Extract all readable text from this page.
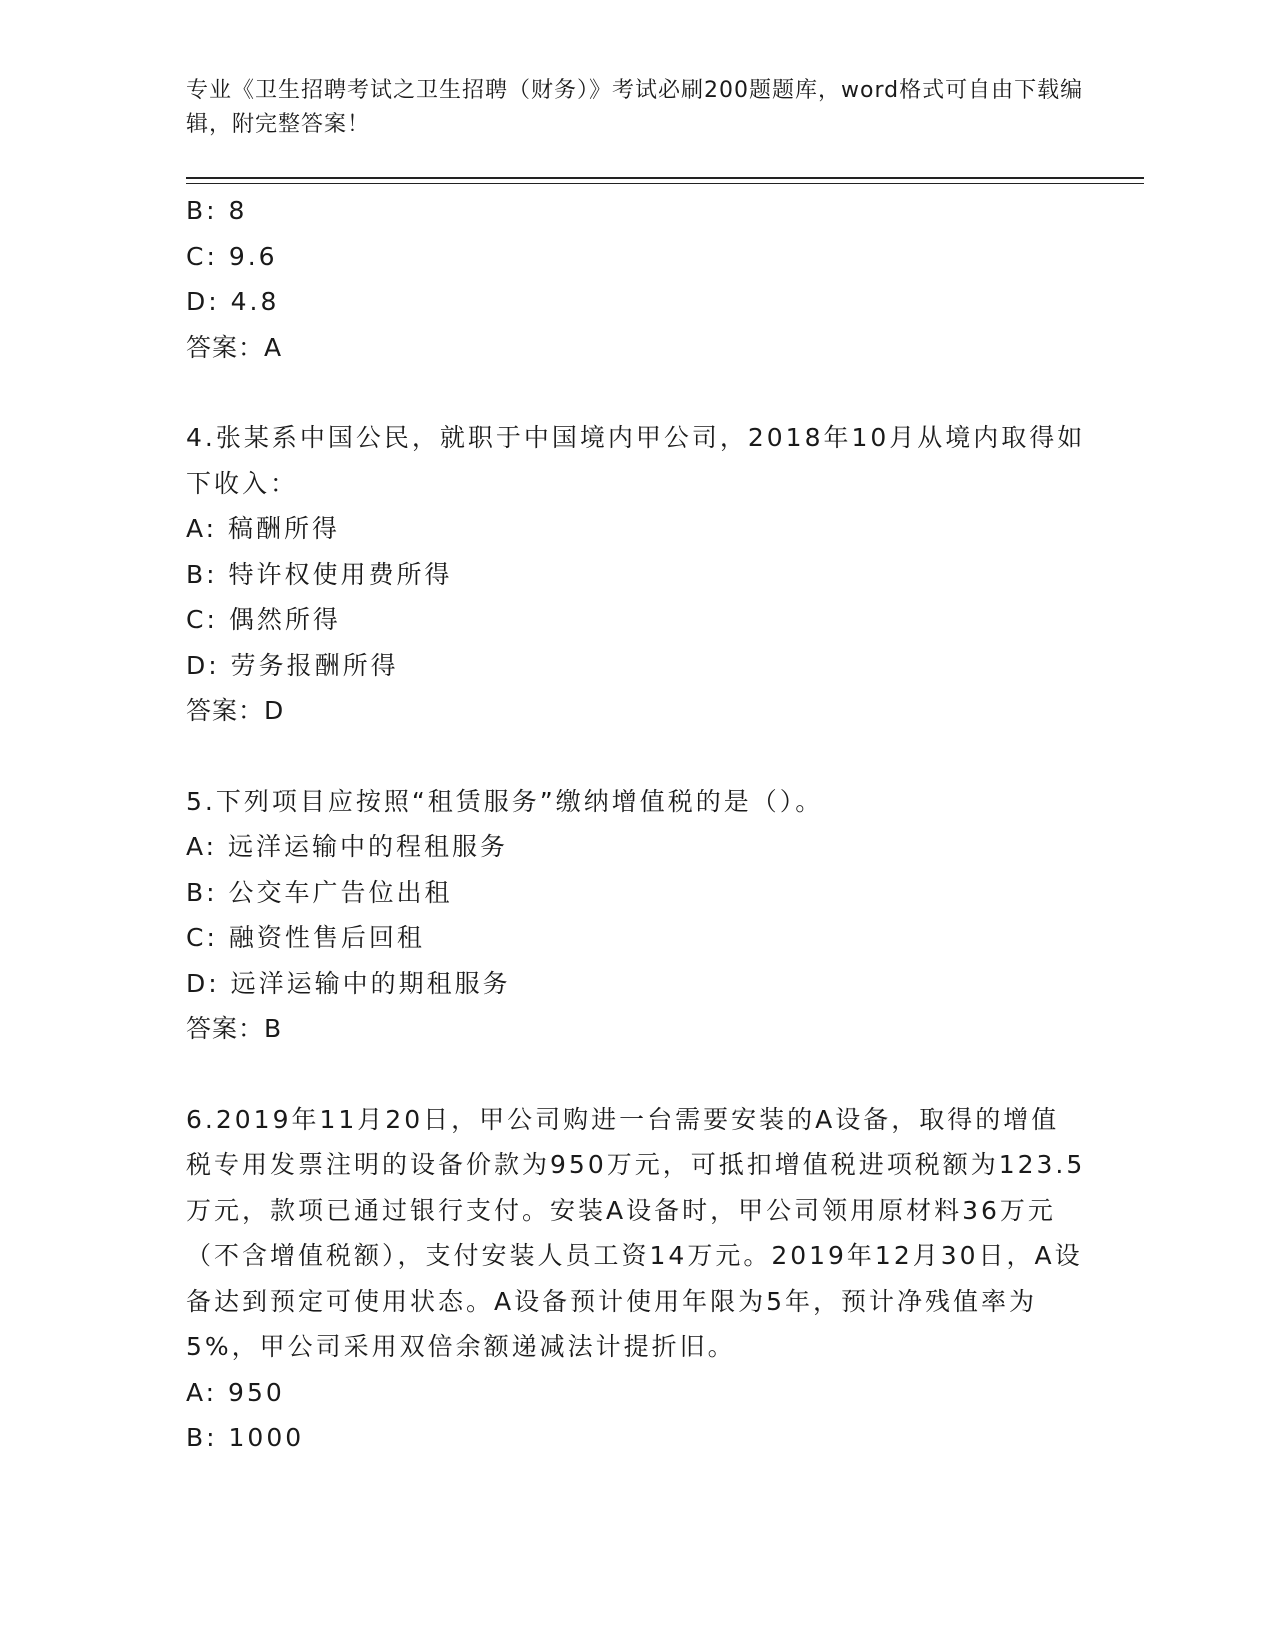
专业《卫生招聘考试之卫生招聘（财务）》考试必刷200题题库，word格式可自由下载编辑，附完整答案！
B: 8
C: 9.6
D: 4.8
答案：A
4.张某系中国公民，就职于中国境内甲公司，2018年10月从境内取得如下收入：
A: 稿酬所得
B: 特许权使用费所得
C: 偶然所得
D: 劳务报酬所得
答案：D
5.下列项目应按照“租赁服务”缴纳增值税的是（）。
A: 远洋运输中的程租服务
B: 公交车广告位出租
C: 融资性售后回租
D: 远洋运输中的期租服务
答案：B
6.2019年11月20日，甲公司购进一台需要安装的A设备，取得的增值税专用发票注明的设备价款为950万元，可抵扣增值税进项税额为123.5万元，款项已通过银行支付。安装A设备时，甲公司领用原材料36万元（不含增值税额），支付安装人员工资14万元。2019年12月30日，A设备达到预定可使用状态。A设备预计使用年限为5年，预计净残值率为5%，甲公司采用双倍余额递减法计提折旧。
A: 950
B: 1000
